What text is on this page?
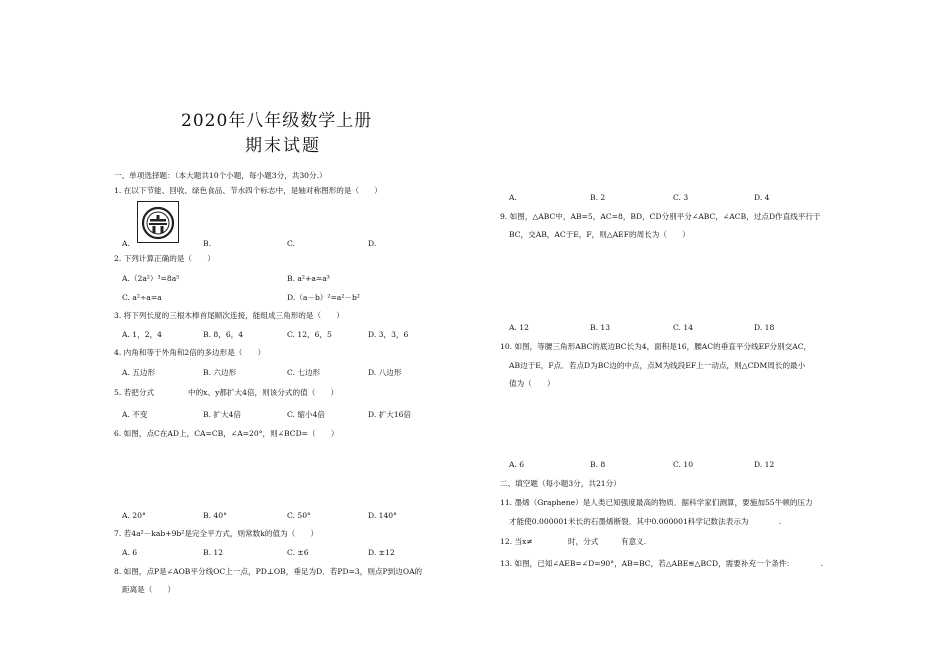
2020年八年级数学上册
期末试题
一、单项选择题：（本大题共10个小题，每小题3分，共30分.）
1. 在以下节能、回收、绿色食品、节水四个标志中，是轴对称图形的是（　　）
A.	B.	C.	D.
2. 下列计算正确的是（　　）
A.（2a²）³=8a⁵	B. a²+a=a³
C. a²÷a=a	D.（a－b）²=a²－b²
3. 将下列长度的三根木棒首尾顺次连接，能组成三角形的是（　　）
A. 1，2，4	B. 8，6，4	C. 12，6，5	D. 3，3，6
4. 内角和等于外角和2倍的多边形是（　　）
A. 五边形	B. 六边形	C. 七边形	D. 八边形
5. 若把分式	中的x、y都扩大4倍，则该分式的值（　　）
A. 不变	B. 扩大4倍	C. 缩小4倍	D. 扩大16倍
6. 如图，点C在AD上，CA=CB，∠A=20°，则∠BCD=（　　）
A. 20°	B. 40°	C. 50°	D. 140°
7. 若4a²－kab+9b²是完全平方式，则常数k的值为（　　）
A. 6	B. 12	C. ±6	D. ±12
8. 如图，点P是∠AOB平分线OC上一点，PD⊥OB，垂足为D．若PD=3，则点P到边OA的
距离是（　　）
A.	B. 2	C. 3	D. 4
9. 如图，△ABC中，AB=5，AC=8，BD，CD分别平分∠ABC，∠ACB，过点D作直线平行于
BC，交AB，AC于E，F，则△AEF的周长为（　　）
A. 12	B. 13	C. 14	D. 18
10. 如图，等腰三角形ABC的底边BC长为4，面积是16，腰AC的垂直平分线EF分别交AC，
AB边于E，F点．若点D为BC边的中点，点M为线段EF上一动点，则△CDM周长的最小
值为（　　）
A. 6	B. 8	C. 10	D. 12
二、填空题（每小题3分，共21分）
11. 墨烯（Graphene）是人类已知强度最高的物质．据科学家们测算，要施加55牛顿的压力
才能使0.000001米长的石墨烯断裂．其中0.000001科学记数法表示为　　　　.
12. 当x≠	时，分式	有意义.
13. 如图，已知∠AEB=∠D=90°，AB=BC，若△ABE≌△BCD，需要补充一个条件：　　　　.
